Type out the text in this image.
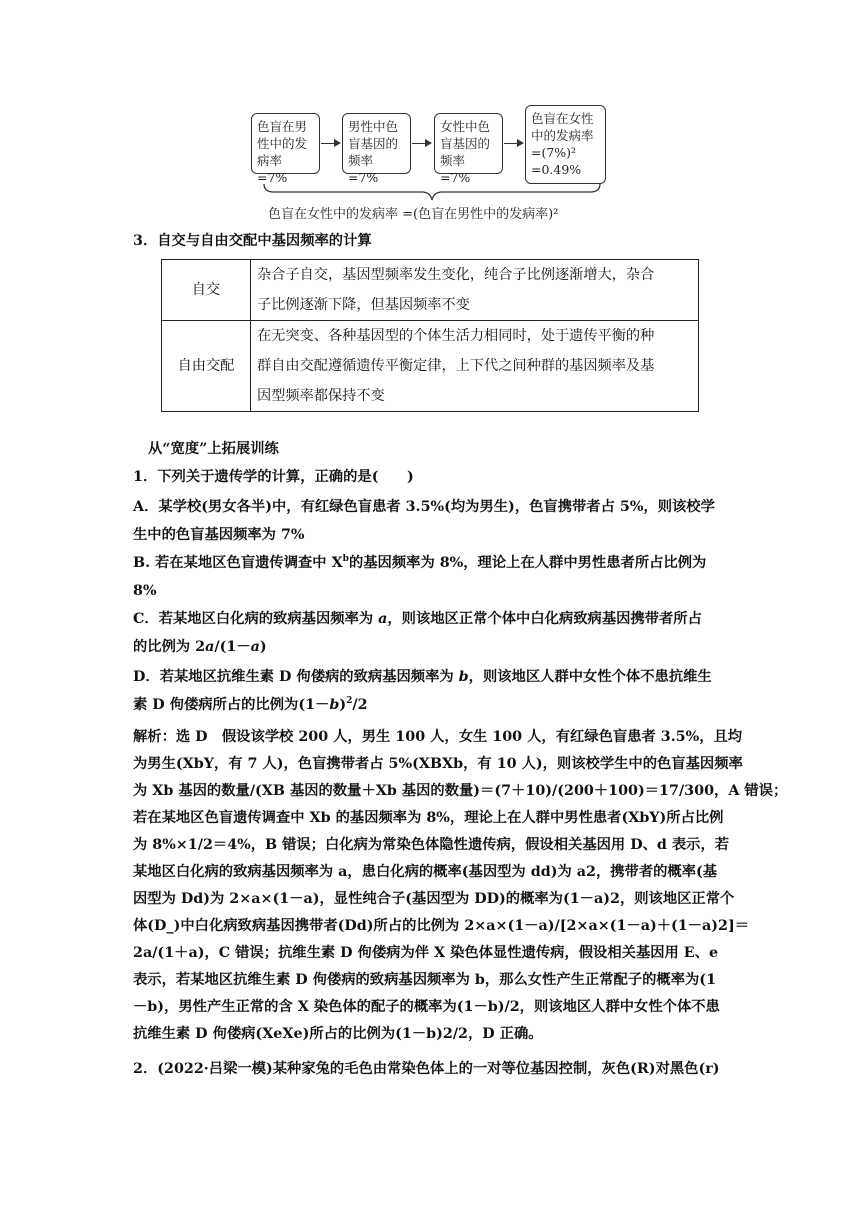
色盲在男
性中的发
病率 =7%
男性中色
盲基因的
频率 =7%
女性中色
盲基因的
频率 =7%
色盲在女性
中的发病率
=(7%)²
=0.49%
色盲在女性中的发病率 =(色盲在男性中的发病率)²
3．自交与自由交配中基因频率的计算
自交	杂合子自交，基因型频率发生变化，纯合子比例逐渐增大，杂合
子比例逐渐下降，但基因频率不变

自由交配	在无突变、各种基因型的个体生活力相同时，处于遗传平衡的种
群自由交配遵循遗传平衡定律，上下代之间种群的基因频率及基
因型频率都保持不变
从“宽度”上拓展训练
1．下列关于遗传学的计算，正确的是(　　)
A．某学校(男女各半)中，有红绿色盲患者 3.5%(均为男生)，色盲携带者占 5%，则该校学
生中的色盲基因频率为 7%
B. 若在某地区色盲遗传调查中 $X^b$的基因频率为 8%，理论上在人群中男性患者所占比例为
8%
C．若某地区白化病的致病基因频率为 a，则该地区正常个体中白化病致病基因携带者所占
的比例为 2a/(1－a)
D．若某地区抗维生素 D 佝偻病的致病基因频率为 b，则该地区人群中女性个体不患抗维生
素 D 佝偻病所占的比例为$(1-b)^2/2$
解析：选 D　假设该学校 200 人，男生 100 人，女生 100 人，有红绿色盲患者 3.5%，且均
为男生(XbY，有 7 人)，色盲携带者占 5%(XBXb，有 10 人)，则该校学生中的色盲基因频率
为 Xb 基因的数量/(XB 基因的数量＋Xb 基因的数量)＝(7＋10)/(200＋100)＝17/300，A 错误；
若在某地区色盲遗传调查中 Xb 的基因频率为 8%，理论上在人群中男性患者(XbY)所占比例
为 8%×1/2＝4%，B 错误；白化病为常染色体隐性遗传病，假设相关基因用 D、d 表示，若
某地区白化病的致病基因频率为 a，患白化病的概率(基因型为 dd)为 a2，携带者的概率(基
因型为 Dd)为 2×a×(1－a)，显性纯合子(基因型为 DD)的概率为(1－a)2，则该地区正常个
体(D_)中白化病致病基因携带者(Dd)所占的比例为 2×a×(1－a)/[2×a×(1－a)＋(1－a)2]＝
2a/(1＋a)，C 错误；抗维生素 D 佝偻病为伴 X 染色体显性遗传病，假设相关基因用 E、e
表示，若某地区抗维生素 D 佝偻病的致病基因频率为 b，那么女性产生正常配子的概率为(1
－b)，男性产生正常的含 X 染色体的配子的概率为(1－b)/2，则该地区人群中女性个体不患
抗维生素 D 佝偻病(XeXe)所占的比例为(1－b)2/2，D 正确。
2．(2022·吕梁一模)某种家兔的毛色由常染色体上的一对等位基因控制，灰色(R)对黑色(r)
